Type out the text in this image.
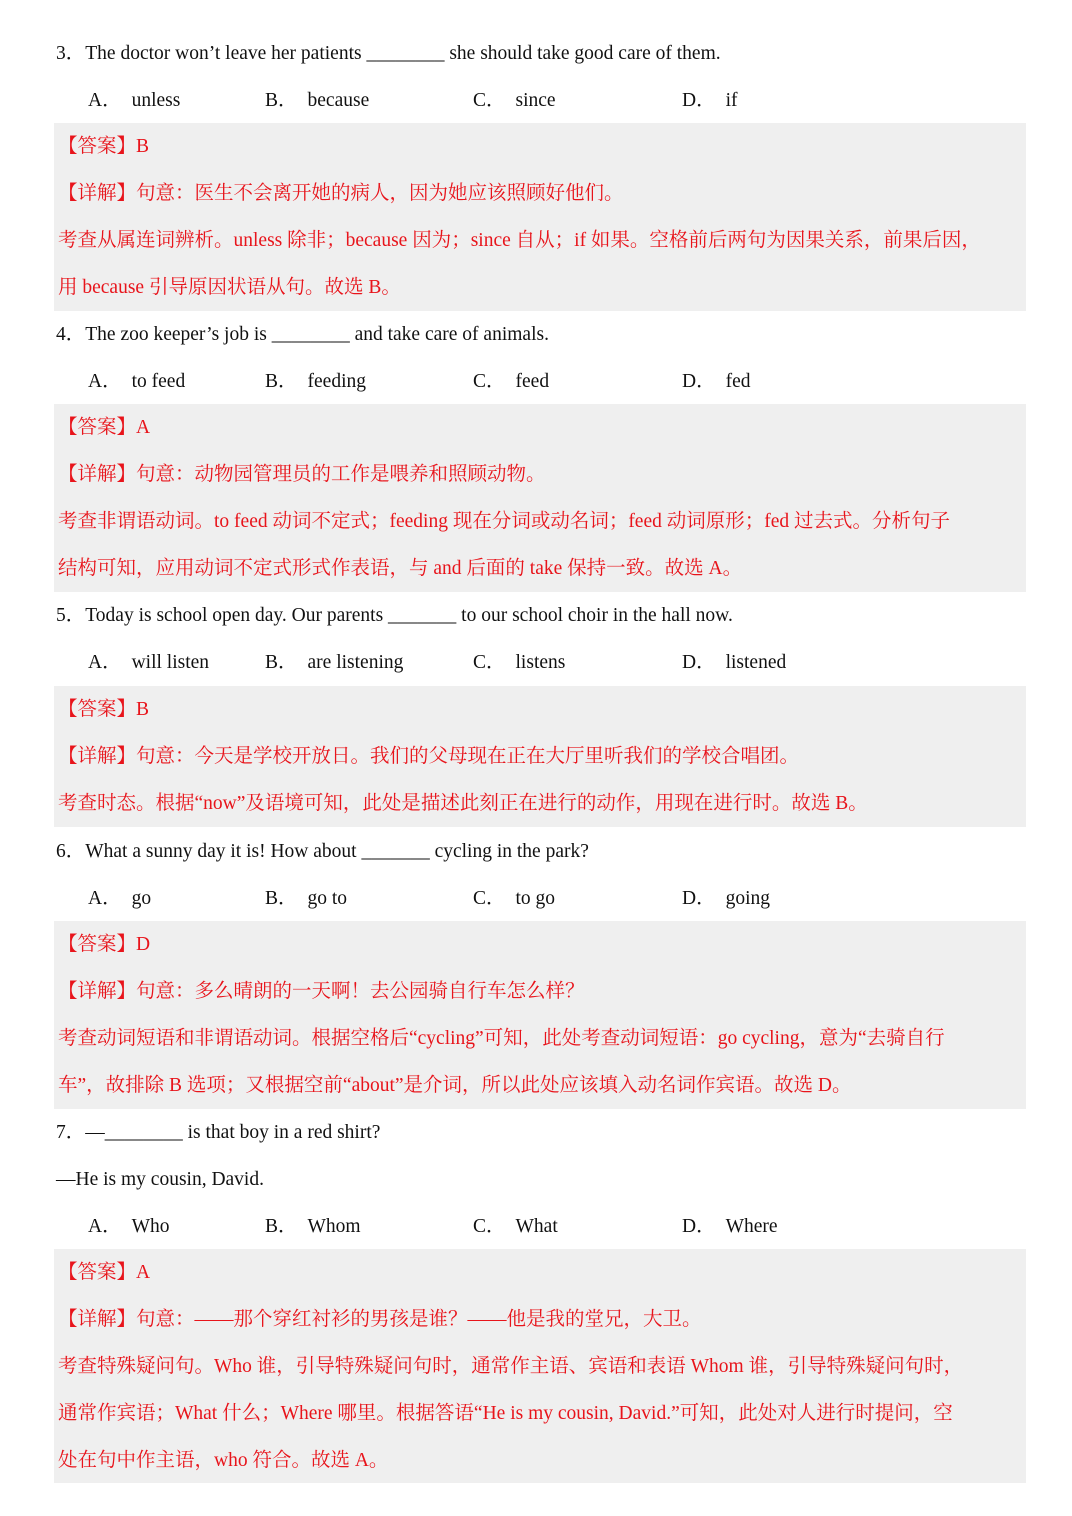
3．The doctor won’t leave her patients ________ she should take good care of them.
A． unless	B． because	C． since	D． if
【答案】B
【详解】句意：医生不会离开她的病人，因为她应该照顾好他们。
考查从属连词辨析。unless 除非；because 因为；since 自从；if 如果。空格前后两句为因果关系，前果后因，
用 because 引导原因状语从句。故选 B。
4．The zoo keeper’s job is ________ and take care of animals.
A． to feed	B． feeding	C． feed	D． fed
【答案】A
【详解】句意：动物园管理员的工作是喂养和照顾动物。
考查非谓语动词。to feed 动词不定式；feeding 现在分词或动名词；feed 动词原形；fed 过去式。分析句子
结构可知，应用动词不定式形式作表语，与 and 后面的 take 保持一致。故选 A。
5．Today is school open day. Our parents _______ to our school choir in the hall now.
A． will listen	B． are listening	C． listens	D． listened
【答案】B
【详解】句意：今天是学校开放日。我们的父母现在正在大厅里听我们的学校合唱团。
考查时态。根据“now”及语境可知，此处是描述此刻正在进行的动作，用现在进行时。故选 B。
6．What a sunny day it is! How about _______ cycling in the park?
A． go	B． go to	C． to go	D． going
【答案】D
【详解】句意：多么晴朗的一天啊！去公园骑自行车怎么样？
考查动词短语和非谓语动词。根据空格后“cycling”可知，此处考查动词短语：go cycling，意为“去骑自行
车”，故排除 B 选项；又根据空前“about”是介词，所以此处应该填入动名词作宾语。故选 D。
7．—________ is that boy in a red shirt?
—He is my cousin, David.
A． Who	B． Whom	C． What	D． Where
【答案】A
【详解】句意：——那个穿红衬衫的男孩是谁？——他是我的堂兄，大卫。
考查特殊疑问句。Who 谁，引导特殊疑问句时，通常作主语、宾语和表语 Whom 谁，引导特殊疑问句时，
通常作宾语；What 什么；Where 哪里。根据答语“He is my cousin, David.”可知，此处对人进行时提问，空
处在句中作主语，who 符合。故选 A。
